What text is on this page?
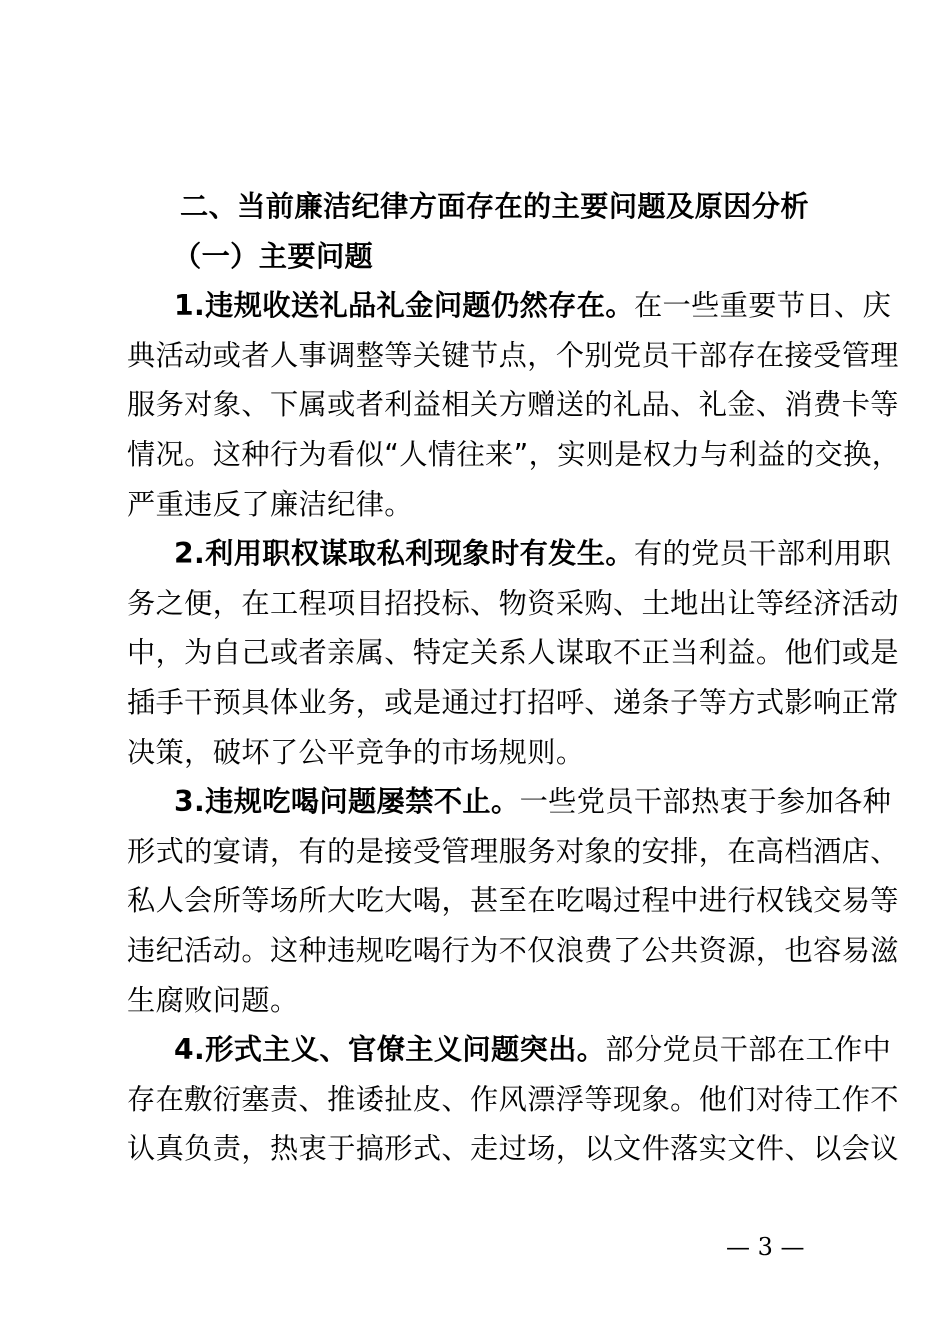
二、当前廉洁纪律方面存在的主要问题及原因分析
（一）主要问题
1.违规收送礼品礼金问题仍然存在。在一些重要节日、庆
典活动或者人事调整等关键节点，个别党员干部存在接受管理
服务对象、下属或者利益相关方赠送的礼品、礼金、消费卡等
情况。这种行为看似“人情往来”，实则是权力与利益的交换，
严重违反了廉洁纪律。
2.利用职权谋取私利现象时有发生。有的党员干部利用职
务之便，在工程项目招投标、物资采购、土地出让等经济活动
中，为自己或者亲属、特定关系人谋取不正当利益。他们或是
插手干预具体业务，或是通过打招呼、递条子等方式影响正常
决策，破坏了公平竞争的市场规则。
3.违规吃喝问题屡禁不止。一些党员干部热衷于参加各种
形式的宴请，有的是接受管理服务对象的安排，在高档酒店、
私人会所等场所大吃大喝，甚至在吃喝过程中进行权钱交易等
违纪活动。这种违规吃喝行为不仅浪费了公共资源，也容易滋
生腐败问题。
4.形式主义、官僚主义问题突出。部分党员干部在工作中
存在敷衍塞责、推诿扯皮、作风漂浮等现象。他们对待工作不
认真负责，热衷于搞形式、走过场，以文件落实文件、以会议
— 3 —
